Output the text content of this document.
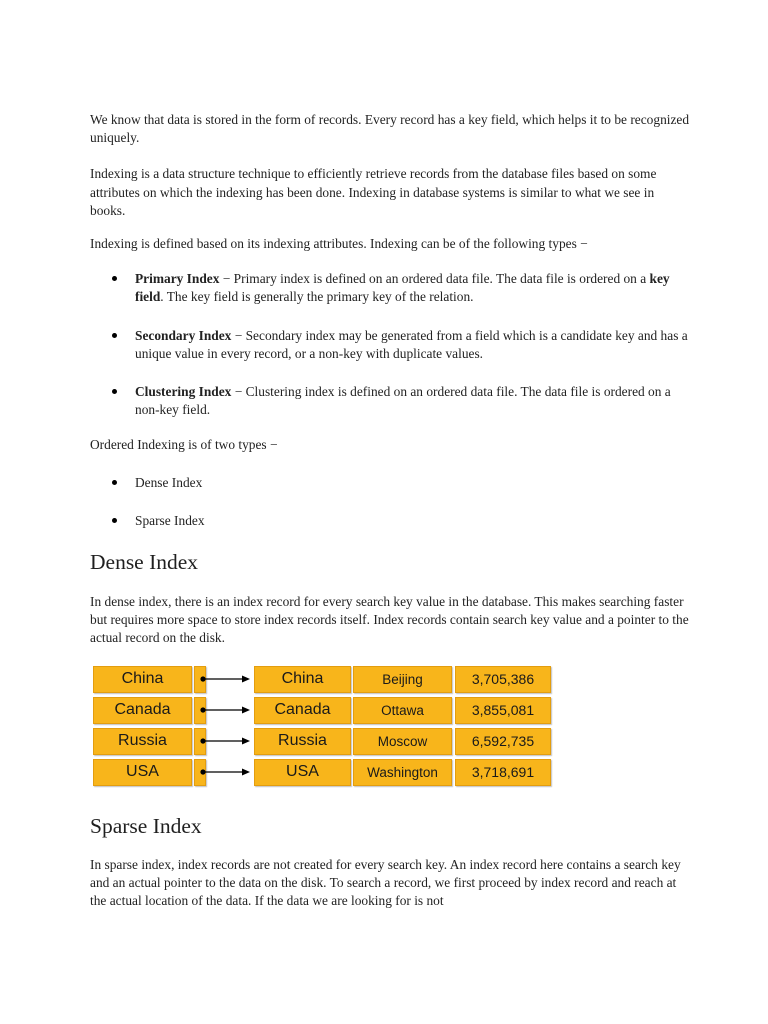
We know that data is stored in the form of records. Every record has a key field, which helps it to be recognized uniquely.

Indexing is a data structure technique to efficiently retrieve records from the database files based on some attributes on which the indexing has been done. Indexing in database systems is similar to what we see in books.

Indexing is defined based on its indexing attributes. Indexing can be of the following types −

Primary Index − Primary index is defined on an ordered data file. The data file is ordered on a key field. The key field is generally the primary key of the relation.
Secondary Index − Secondary index may be generated from a field which is a candidate key and has a unique value in every record, or a non-key with duplicate values.
Clustering Index − Clustering index is defined on an ordered data file. The data file is ordered on a non-key field.

Ordered Indexing is of two types −

Dense Index
Sparse Index
Dense Index

In dense index, there is an index record for every search key value in the database. This makes searching faster but requires more space to store index records itself. Index records contain search key value and a pointer to the actual record on the disk.

China	China	Beijing	3,705,386
Canada	Canada	Ottawa	3,855,081
Russia	Russia	Moscow	6,592,735
USA	USA	Washington	3,718,691
Sparse Index

In sparse index, index records are not created for every search key. An index record here contains a search key and an actual pointer to the data on the disk. To search a record, we first proceed by index record and reach at the actual location of the data. If the data we are looking for is not
